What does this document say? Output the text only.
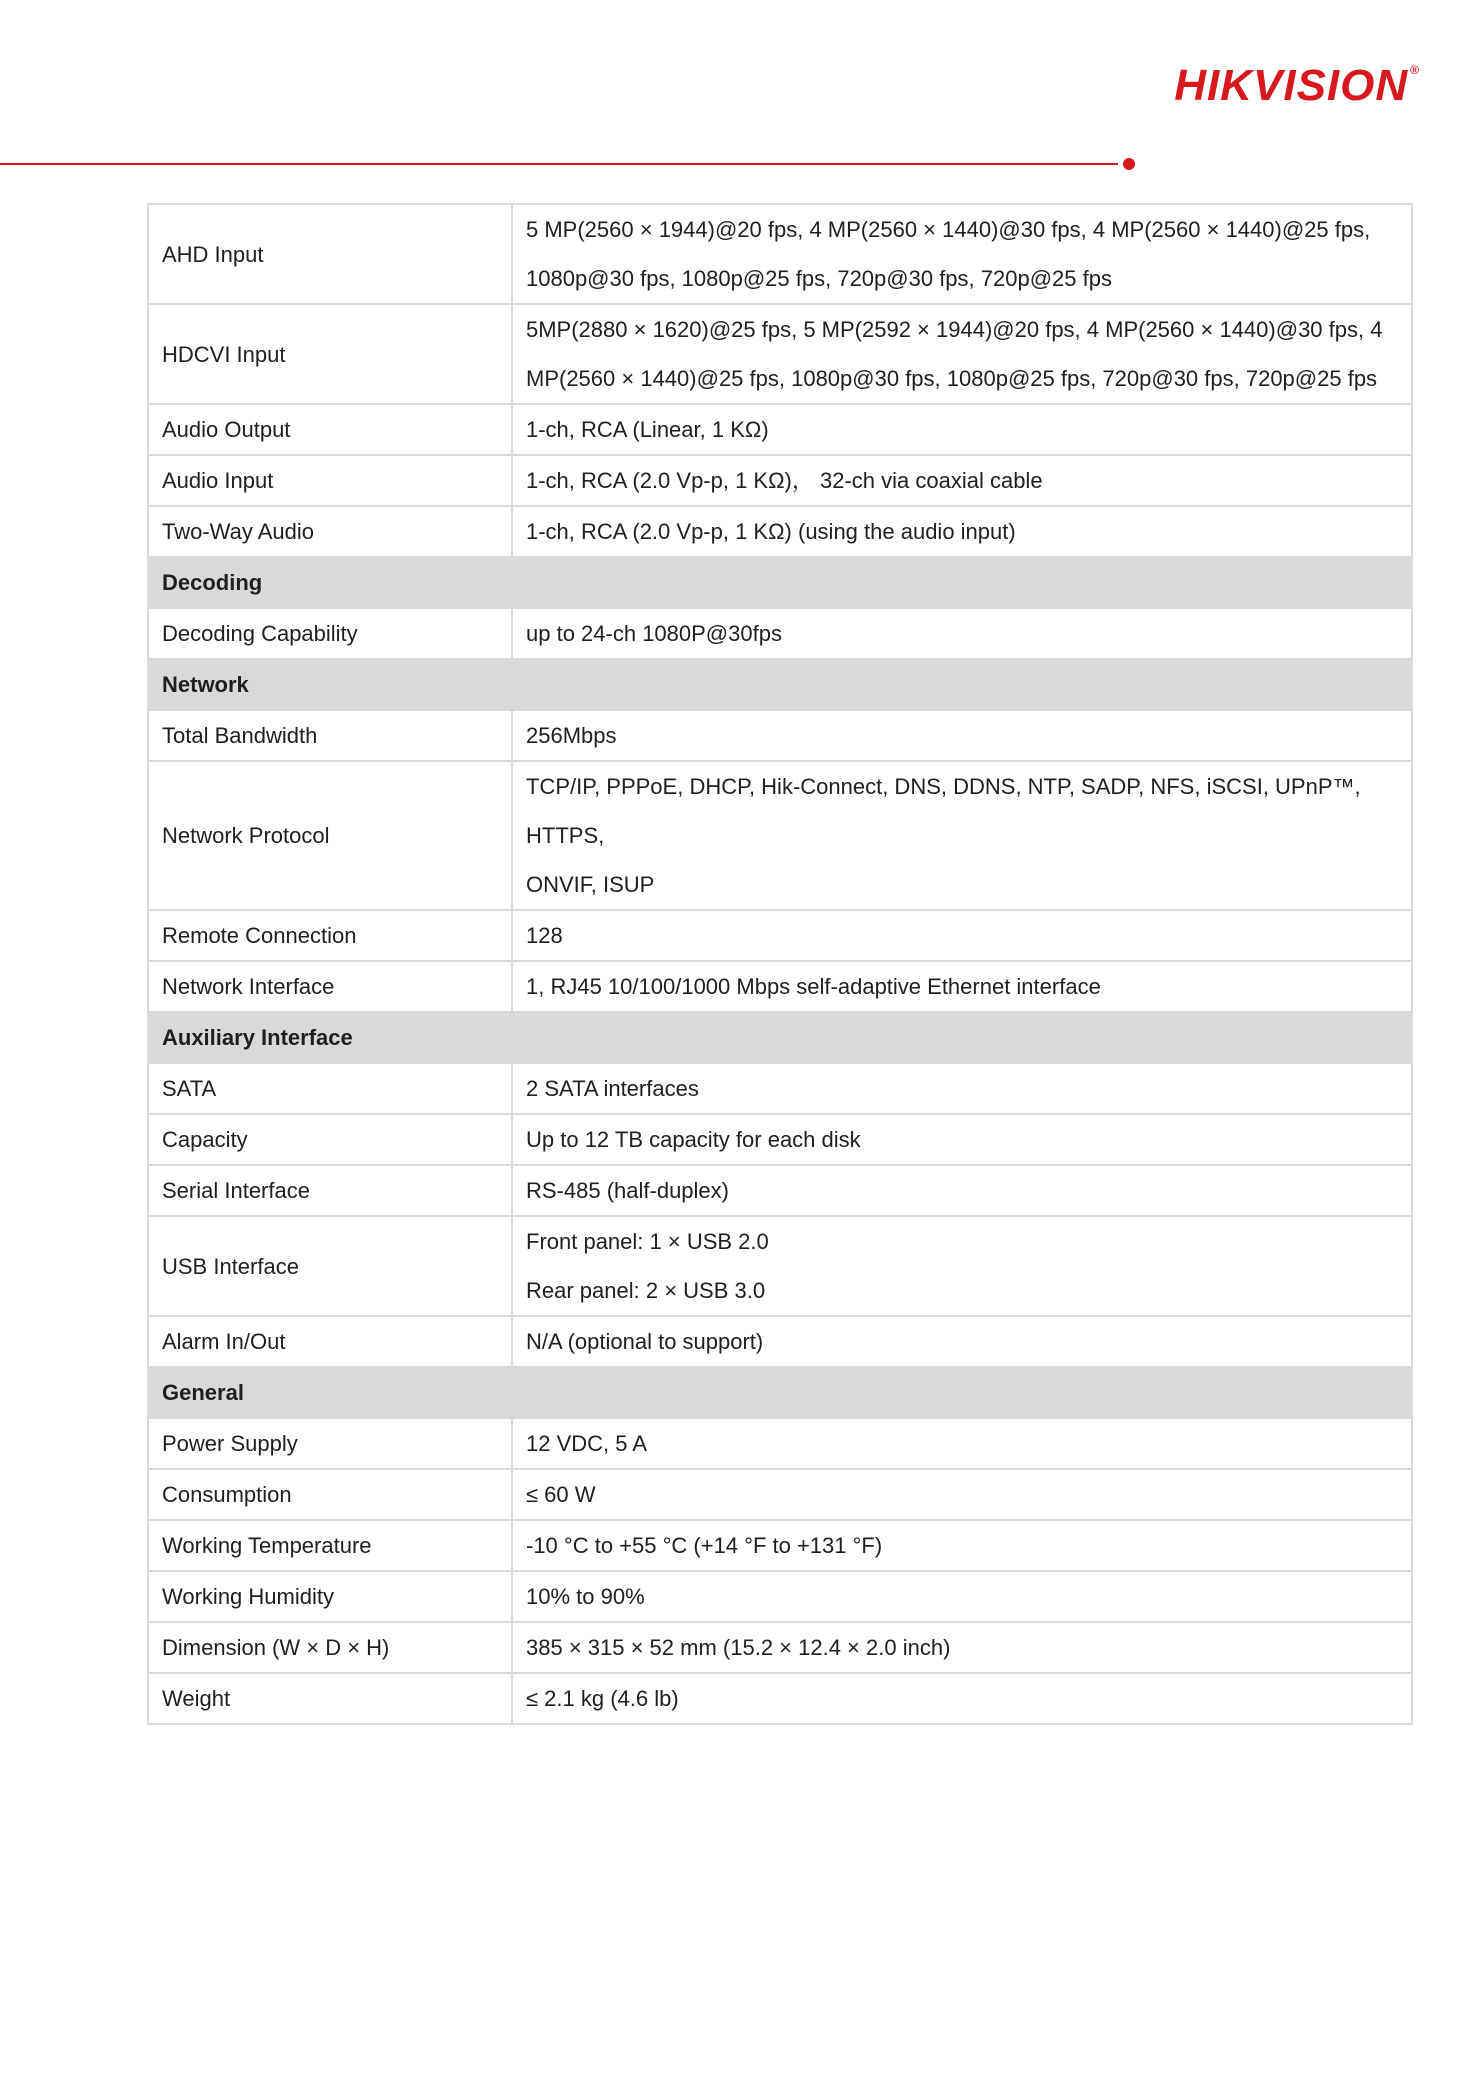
HIKVISION ®
AHD Input	5 MP(2560 × 1944)@20 fps, 4 MP(2560 × 1440)@30 fps, 4 MP(2560 × 1440)@25 fps,
1080p@30 fps, 1080p@25 fps, 720p@30 fps, 720p@25 fps

HDCVI Input	5MP(2880 × 1620)@25 fps, 5 MP(2592 × 1944)@20 fps, 4 MP(2560 × 1440)@30 fps, 4
MP(2560 × 1440)@25 fps, 1080p@30 fps, 1080p@25 fps, 720p@30 fps, 720p@25 fps

Audio Output	1-ch, RCA (Linear, 1 KΩ)

Audio Input	1-ch, RCA (2.0 Vp-p, 1 KΩ)， 32-ch via coaxial cable

Two-Way Audio	1-ch, RCA (2.0 Vp-p, 1 KΩ) (using the audio input)

Decoding	
Decoding Capability	up to 24-ch 1080P@30fps

Network	
Total Bandwidth	256Mbps

Network Protocol	TCP/IP, PPPoE, DHCP, Hik-Connect, DNS, DDNS, NTP, SADP, NFS, iSCSI, UPnP™, HTTPS,
ONVIF, ISUP

Remote Connection	128

Network Interface	1, RJ45 10/100/1000 Mbps self-adaptive Ethernet interface

Auxiliary Interface	
SATA	2 SATA interfaces

Capacity	Up to 12 TB capacity for each disk

Serial Interface	RS-485 (half-duplex)

USB Interface	Front panel: 1 × USB 2.0
Rear panel: 2 × USB 3.0

Alarm In/Out	N/A (optional to support)

General	
Power Supply	12 VDC, 5 A

Consumption	≤ 60 W

Working Temperature	-10 °C to +55 °C (+14 °F to +131 °F)

Working Humidity	10% to 90%

Dimension (W × D × H)	385 × 315 × 52 mm (15.2 × 12.4 × 2.0 inch)

Weight	≤ 2.1 kg (4.6 lb)
